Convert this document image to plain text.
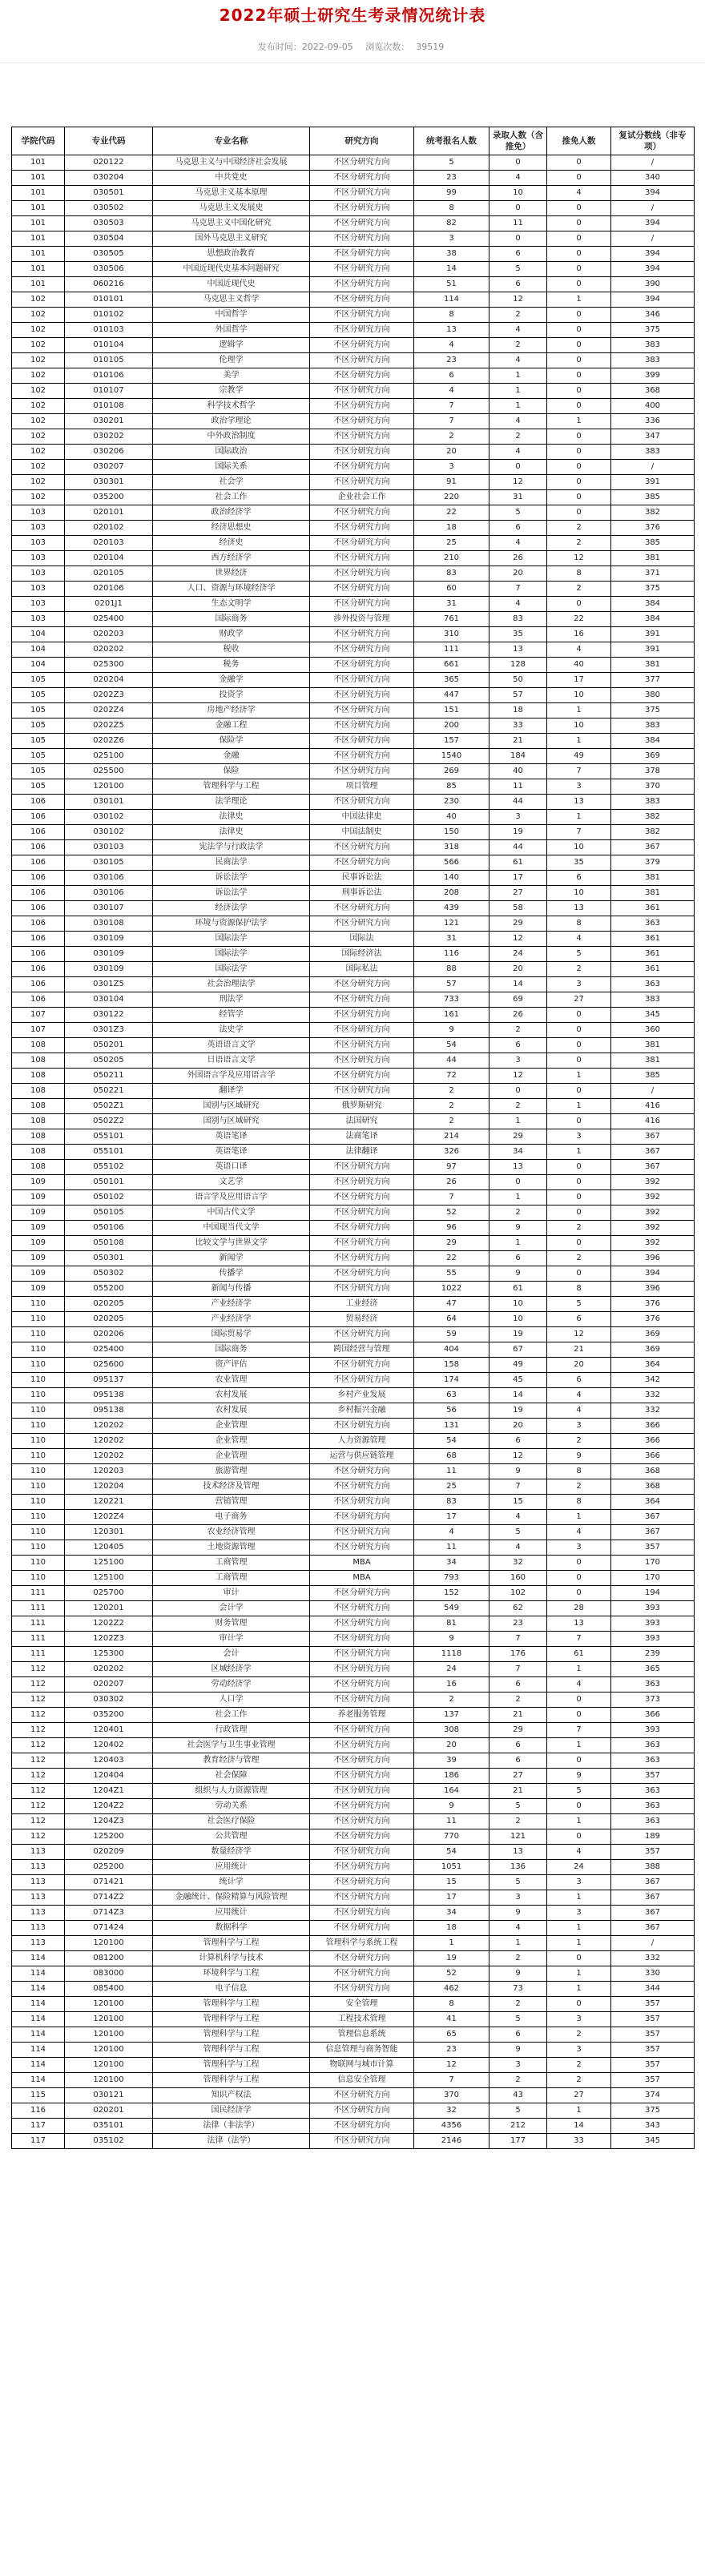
2022年硕士研究生考录情况统计表
发布时间：2022-09-05 浏览次数： 39519
学院代码	专业代码	专业名称	研究方向	统考报名人数	录取人数（含推免）	推免人数	复试分数线（非专项）
101	020122	马克思主义与中国经济社会发展	不区分研究方向	5	0	0	/
101	030204	中共党史	不区分研究方向	23	4	0	340
101	030501	马克思主义基本原理	不区分研究方向	99	10	4	394
101	030502	马克思主义发展史	不区分研究方向	8	0	0	/
101	030503	马克思主义中国化研究	不区分研究方向	82	11	0	394
101	030504	国外马克思主义研究	不区分研究方向	3	0	0	/
101	030505	思想政治教育	不区分研究方向	38	6	0	394
101	030506	中国近现代史基本问题研究	不区分研究方向	14	5	0	394
101	060216	中国近现代史	不区分研究方向	51	6	0	390
102	010101	马克思主义哲学	不区分研究方向	114	12	1	394
102	010102	中国哲学	不区分研究方向	8	2	0	346
102	010103	外国哲学	不区分研究方向	13	4	0	375
102	010104	逻辑学	不区分研究方向	4	2	0	383
102	010105	伦理学	不区分研究方向	23	4	0	383
102	010106	美学	不区分研究方向	6	1	0	399
102	010107	宗教学	不区分研究方向	4	1	0	368
102	010108	科学技术哲学	不区分研究方向	7	1	0	400
102	030201	政治学理论	不区分研究方向	7	4	1	336
102	030202	中外政治制度	不区分研究方向	2	2	0	347
102	030206	国际政治	不区分研究方向	20	4	0	383
102	030207	国际关系	不区分研究方向	3	0	0	/
102	030301	社会学	不区分研究方向	91	12	0	391
102	035200	社会工作	企业社会工作	220	31	0	385
103	020101	政治经济学	不区分研究方向	22	5	0	382
103	020102	经济思想史	不区分研究方向	18	6	2	376
103	020103	经济史	不区分研究方向	25	4	2	385
103	020104	西方经济学	不区分研究方向	210	26	12	381
103	020105	世界经济	不区分研究方向	83	20	8	371
103	020106	人口、资源与环境经济学	不区分研究方向	60	7	2	375
103	0201J1	生态文明学	不区分研究方向	31	4	0	384
103	025400	国际商务	涉外投资与管理	761	83	22	384
104	020203	财政学	不区分研究方向	310	35	16	391
104	020202	税收	不区分研究方向	111	13	4	391
104	025300	税务	不区分研究方向	661	128	40	381
105	020204	金融学	不区分研究方向	365	50	17	377
105	0202Z3	投资学	不区分研究方向	447	57	10	380
105	0202Z4	房地产经济学	不区分研究方向	151	18	1	375
105	0202Z5	金融工程	不区分研究方向	200	33	10	383
105	0202Z6	保险学	不区分研究方向	157	21	1	384
105	025100	金融	不区分研究方向	1540	184	49	369
105	025500	保险	不区分研究方向	269	40	7	378
105	120100	管理科学与工程	项目管理	85	11	3	370
106	030101	法学理论	不区分研究方向	230	44	13	383
106	030102	法律史	中国法律史	40	3	1	382
106	030102	法律史	中国法制史	150	19	7	382
106	030103	宪法学与行政法学	不区分研究方向	318	44	10	367
106	030105	民商法学	不区分研究方向	566	61	35	379
106	030106	诉讼法学	民事诉讼法	140	17	6	381
106	030106	诉讼法学	刑事诉讼法	208	27	10	381
106	030107	经济法学	不区分研究方向	439	58	13	361
106	030108	环境与资源保护法学	不区分研究方向	121	29	8	363
106	030109	国际法学	国际法	31	12	4	361
106	030109	国际法学	国际经济法	116	24	5	361
106	030109	国际法学	国际私法	88	20	2	361
106	0301Z5	社会治理法学	不区分研究方向	57	14	3	363
106	030104	刑法学	不区分研究方向	733	69	27	383
107	030122	经管学	不区分研究方向	161	26	0	345
107	0301Z3	法史学	不区分研究方向	9	2	0	360
108	050201	英语语言文学	不区分研究方向	54	6	0	381
108	050205	日语语言文学	不区分研究方向	44	3	0	381
108	050211	外国语言学及应用语言学	不区分研究方向	72	12	1	385
108	050221	翻译学	不区分研究方向	2	0	0	/
108	0502Z1	国别与区域研究	俄罗斯研究	2	2	1	416
108	0502Z2	国别与区域研究	法国研究	2	1	0	416
108	055101	英语笔译	法商笔译	214	29	3	367
108	055101	英语笔译	法律翻译	326	34	1	367
108	055102	英语口译	不区分研究方向	97	13	0	367
109	050101	文艺学	不区分研究方向	26	0	0	392
109	050102	语言学及应用语言学	不区分研究方向	7	1	0	392
109	050105	中国古代文学	不区分研究方向	52	2	0	392
109	050106	中国现当代文学	不区分研究方向	96	9	2	392
109	050108	比较文学与世界文学	不区分研究方向	29	1	0	392
109	050301	新闻学	不区分研究方向	22	6	2	396
109	050302	传播学	不区分研究方向	55	9	0	394
109	055200	新闻与传播	不区分研究方向	1022	61	8	396
110	020205	产业经济学	工业经济	47	10	5	376
110	020205	产业经济学	贸易经济	64	10	6	376
110	020206	国际贸易学	不区分研究方向	59	19	12	369
110	025400	国际商务	跨国经营与管理	404	67	21	369
110	025600	资产评估	不区分研究方向	158	49	20	364
110	095137	农业管理	不区分研究方向	174	45	6	342
110	095138	农村发展	乡村产业发展	63	14	4	332
110	095138	农村发展	乡村振兴金融	56	19	4	332
110	120202	企业管理	不区分研究方向	131	20	3	366
110	120202	企业管理	人力资源管理	54	6	2	366
110	120202	企业管理	运营与供应链管理	68	12	9	366
110	120203	旅游管理	不区分研究方向	11	9	8	368
110	120204	技术经济及管理	不区分研究方向	25	7	2	368
110	120221	营销管理	不区分研究方向	83	15	8	364
110	1202Z4	电子商务	不区分研究方向	17	4	1	367
110	120301	农业经济管理	不区分研究方向	4	5	4	367
110	120405	土地资源管理	不区分研究方向	11	4	3	357
110	125100	工商管理	MBA	34	32	0	170
110	125100	工商管理	MBA	793	160	0	170
111	025700	审计	不区分研究方向	152	102	0	194
111	120201	会计学	不区分研究方向	549	62	28	393
111	1202Z2	财务管理	不区分研究方向	81	23	13	393
111	1202Z3	审计学	不区分研究方向	9	7	7	393
111	125300	会计	不区分研究方向	1118	176	61	239
112	020202	区域经济学	不区分研究方向	24	7	1	365
112	020207	劳动经济学	不区分研究方向	16	6	4	363
112	030302	人口学	不区分研究方向	2	2	0	373
112	035200	社会工作	养老服务管理	137	21	0	366
112	120401	行政管理	不区分研究方向	308	29	7	393
112	120402	社会医学与卫生事业管理	不区分研究方向	20	6	1	363
112	120403	教育经济与管理	不区分研究方向	39	6	0	363
112	120404	社会保障	不区分研究方向	186	27	9	357
112	1204Z1	组织与人力资源管理	不区分研究方向	164	21	5	363
112	1204Z2	劳动关系	不区分研究方向	9	5	0	363
112	1204Z3	社会医疗保险	不区分研究方向	11	2	1	363
112	125200	公共管理	不区分研究方向	770	121	0	189
113	020209	数量经济学	不区分研究方向	54	13	4	357
113	025200	应用统计	不区分研究方向	1051	136	24	388
113	071421	统计学	不区分研究方向	15	5	3	367
113	0714Z2	金融统计、保险精算与风险管理	不区分研究方向	17	3	1	367
113	0714Z3	应用统计	不区分研究方向	34	9	3	367
113	071424	数据科学	不区分研究方向	18	4	1	367
113	120100	管理科学与工程	管理科学与系统工程	1	1	1	/
114	081200	计算机科学与技术	不区分研究方向	19	2	0	332
114	083000	环境科学与工程	不区分研究方向	52	9	1	330
114	085400	电子信息	不区分研究方向	462	73	1	344
114	120100	管理科学与工程	安全管理	8	2	0	357
114	120100	管理科学与工程	工程技术管理	41	5	3	357
114	120100	管理科学与工程	管理信息系统	65	6	2	357
114	120100	管理科学与工程	信息管理与商务智能	23	9	3	357
114	120100	管理科学与工程	物联网与城市计算	12	3	2	357
114	120100	管理科学与工程	信息安全管理	7	2	2	357
115	030121	知识产权法	不区分研究方向	370	43	27	374
116	020201	国民经济学	不区分研究方向	32	5	1	375
117	035101	法律（非法学）	不区分研究方向	4356	212	14	343
117	035102	法律（法学）	不区分研究方向	2146	177	33	345
